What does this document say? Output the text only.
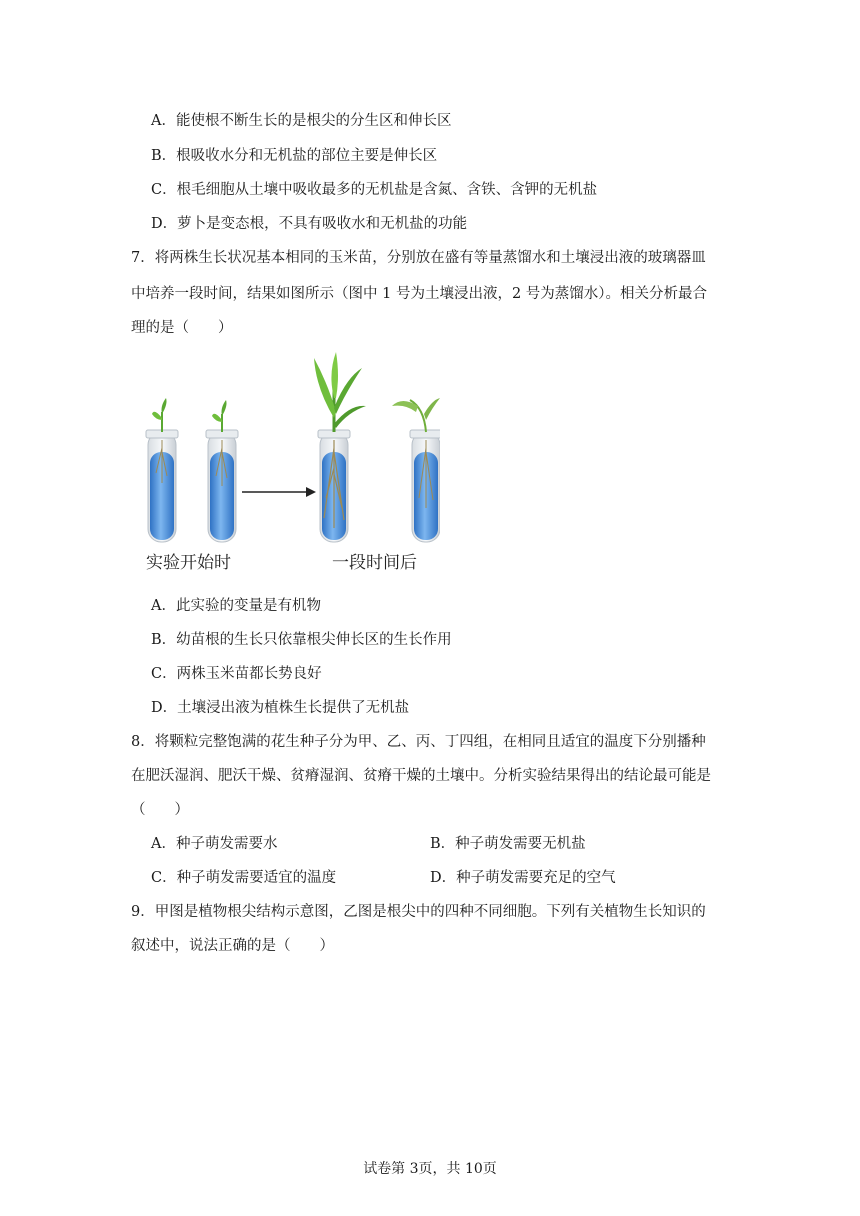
A．能使根不断生长的是根尖的分生区和伸长区
B．根吸收水分和无机盐的部位主要是伸长区
C．根毛细胞从土壤中吸收最多的无机盐是含氮、含铁、含钾的无机盐
D．萝卜是变态根，不具有吸收水和无机盐的功能
7．将两株生长状况基本相同的玉米苗，分别放在盛有等量蒸馏水和土壤浸出液的玻璃器皿
中培养一段时间，结果如图所示（图中 1 号为土壤浸出液，2 号为蒸馏水）。相关分析最合
理的是（　　）
实验开始时	一段时间后
A．此实验的变量是有机物
B．幼苗根的生长只依靠根尖伸长区的生长作用
C．两株玉米苗都长势良好
D．土壤浸出液为植株生长提供了无机盐
8．将颗粒完整饱满的花生种子分为甲、乙、丙、丁四组，在相同且适宜的温度下分别播种
在肥沃湿润、肥沃干燥、贫瘠湿润、贫瘠干燥的土壤中。分析实验结果得出的结论最可能是
（　　）
A．种子萌发需要水	B．种子萌发需要无机盐
C．种子萌发需要适宜的温度	D．种子萌发需要充足的空气
9．甲图是植物根尖结构示意图，乙图是根尖中的四种不同细胞。下列有关植物生长知识的
叙述中，说法正确的是（　　）
试卷第 3页，共 10页
